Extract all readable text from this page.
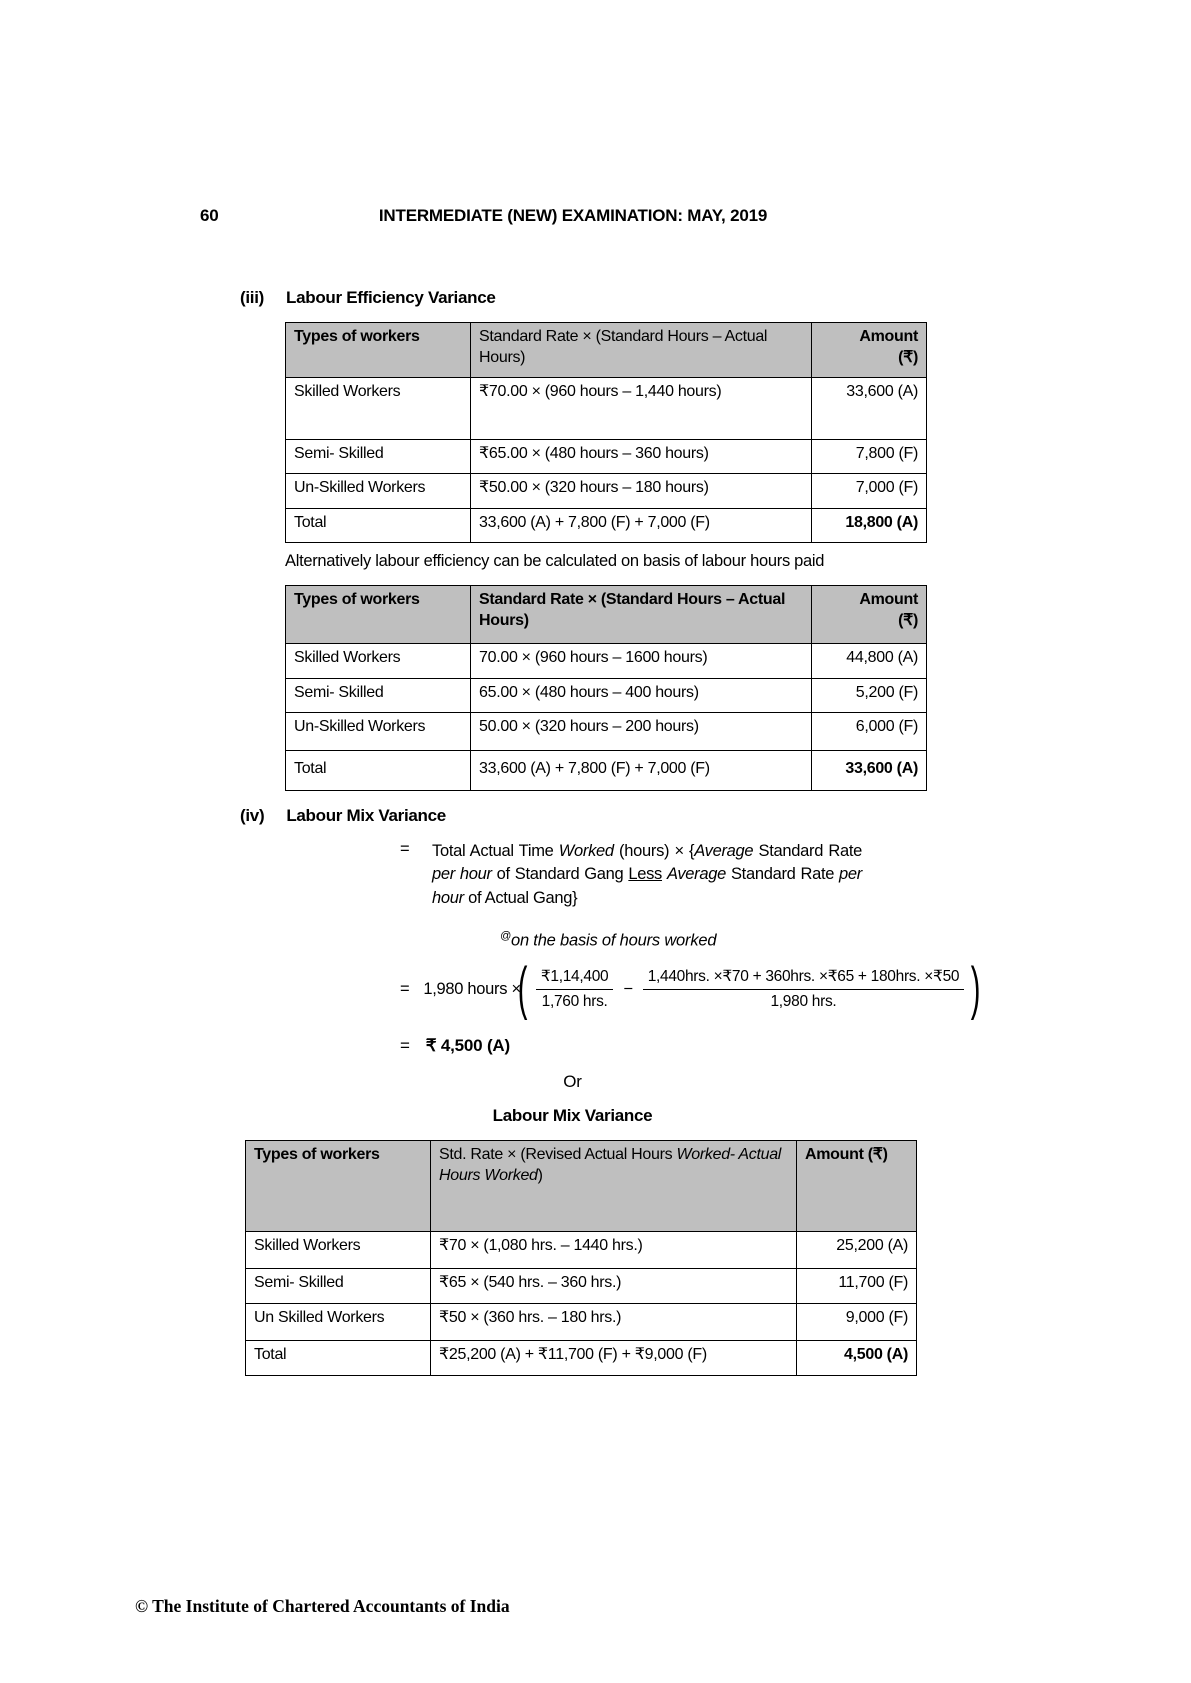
60	INTERMEDIATE (NEW) EXAMINATION: MAY, 2019
(iii) Labour Efficiency Variance
Types of workers	Standard Rate × (Standard Hours – Actual Hours)	Amount
(₹)

Skilled Workers	₹70.00 × (960 hours – 1,440 hours)	33,600 (A)
Semi- Skilled	₹65.00 × (480 hours – 360 hours)	7,800 (F)
Un-Skilled Workers	₹50.00 × (320 hours – 180 hours)	7,000 (F)
Total	33,600 (A) + 7,800 (F) + 7,000 (F)	18,800 (A)
Alternatively labour efficiency can be calculated on basis of labour hours paid
Types of workers	Standard Rate × (Standard Hours – Actual Hours)	Amount
(₹)

Skilled Workers	70.00 × (960 hours – 1600 hours)	44,800 (A)
Semi- Skilled	65.00 × (480 hours – 400 hours)	5,200 (F)
Un-Skilled Workers	50.00 × (320 hours – 200 hours)	6,000 (F)
Total	33,600 (A) + 7,800 (F) + 7,000 (F)	33,600 (A)
(iv) Labour Mix Variance
= Total Actual Time Worked (hours) × {Average Standard Rate per hour of Standard Gang Less Average Standard Rate per hour of Actual Gang}
@on the basis of hours worked
= 1,980 hours ×
( $\frac{₹1,14,400}{\text{1,760 hrs.}} - \frac{\text{1,440hrs. ×₹70 + 360hrs. ×₹65 + 180hrs. ×₹50}}{\text{1,980 hrs.}}$ )
= ₹ 4,500 (A)
Or
Labour Mix Variance
Types of workers	Std. Rate × (Revised Actual Hours Worked- Actual Hours Worked)	Amount (₹)
Skilled Workers	₹70 × (1,080 hrs. – 1440 hrs.)	25,200 (A)
Semi- Skilled	₹65 × (540 hrs. – 360 hrs.)	11,700 (F)
Un Skilled Workers	₹50 × (360 hrs. – 180 hrs.)	9,000 (F)
Total	₹25,200 (A) + ₹11,700 (F) + ₹9,000 (F)	4,500 (A)
© The Institute of Chartered Accountants of India
